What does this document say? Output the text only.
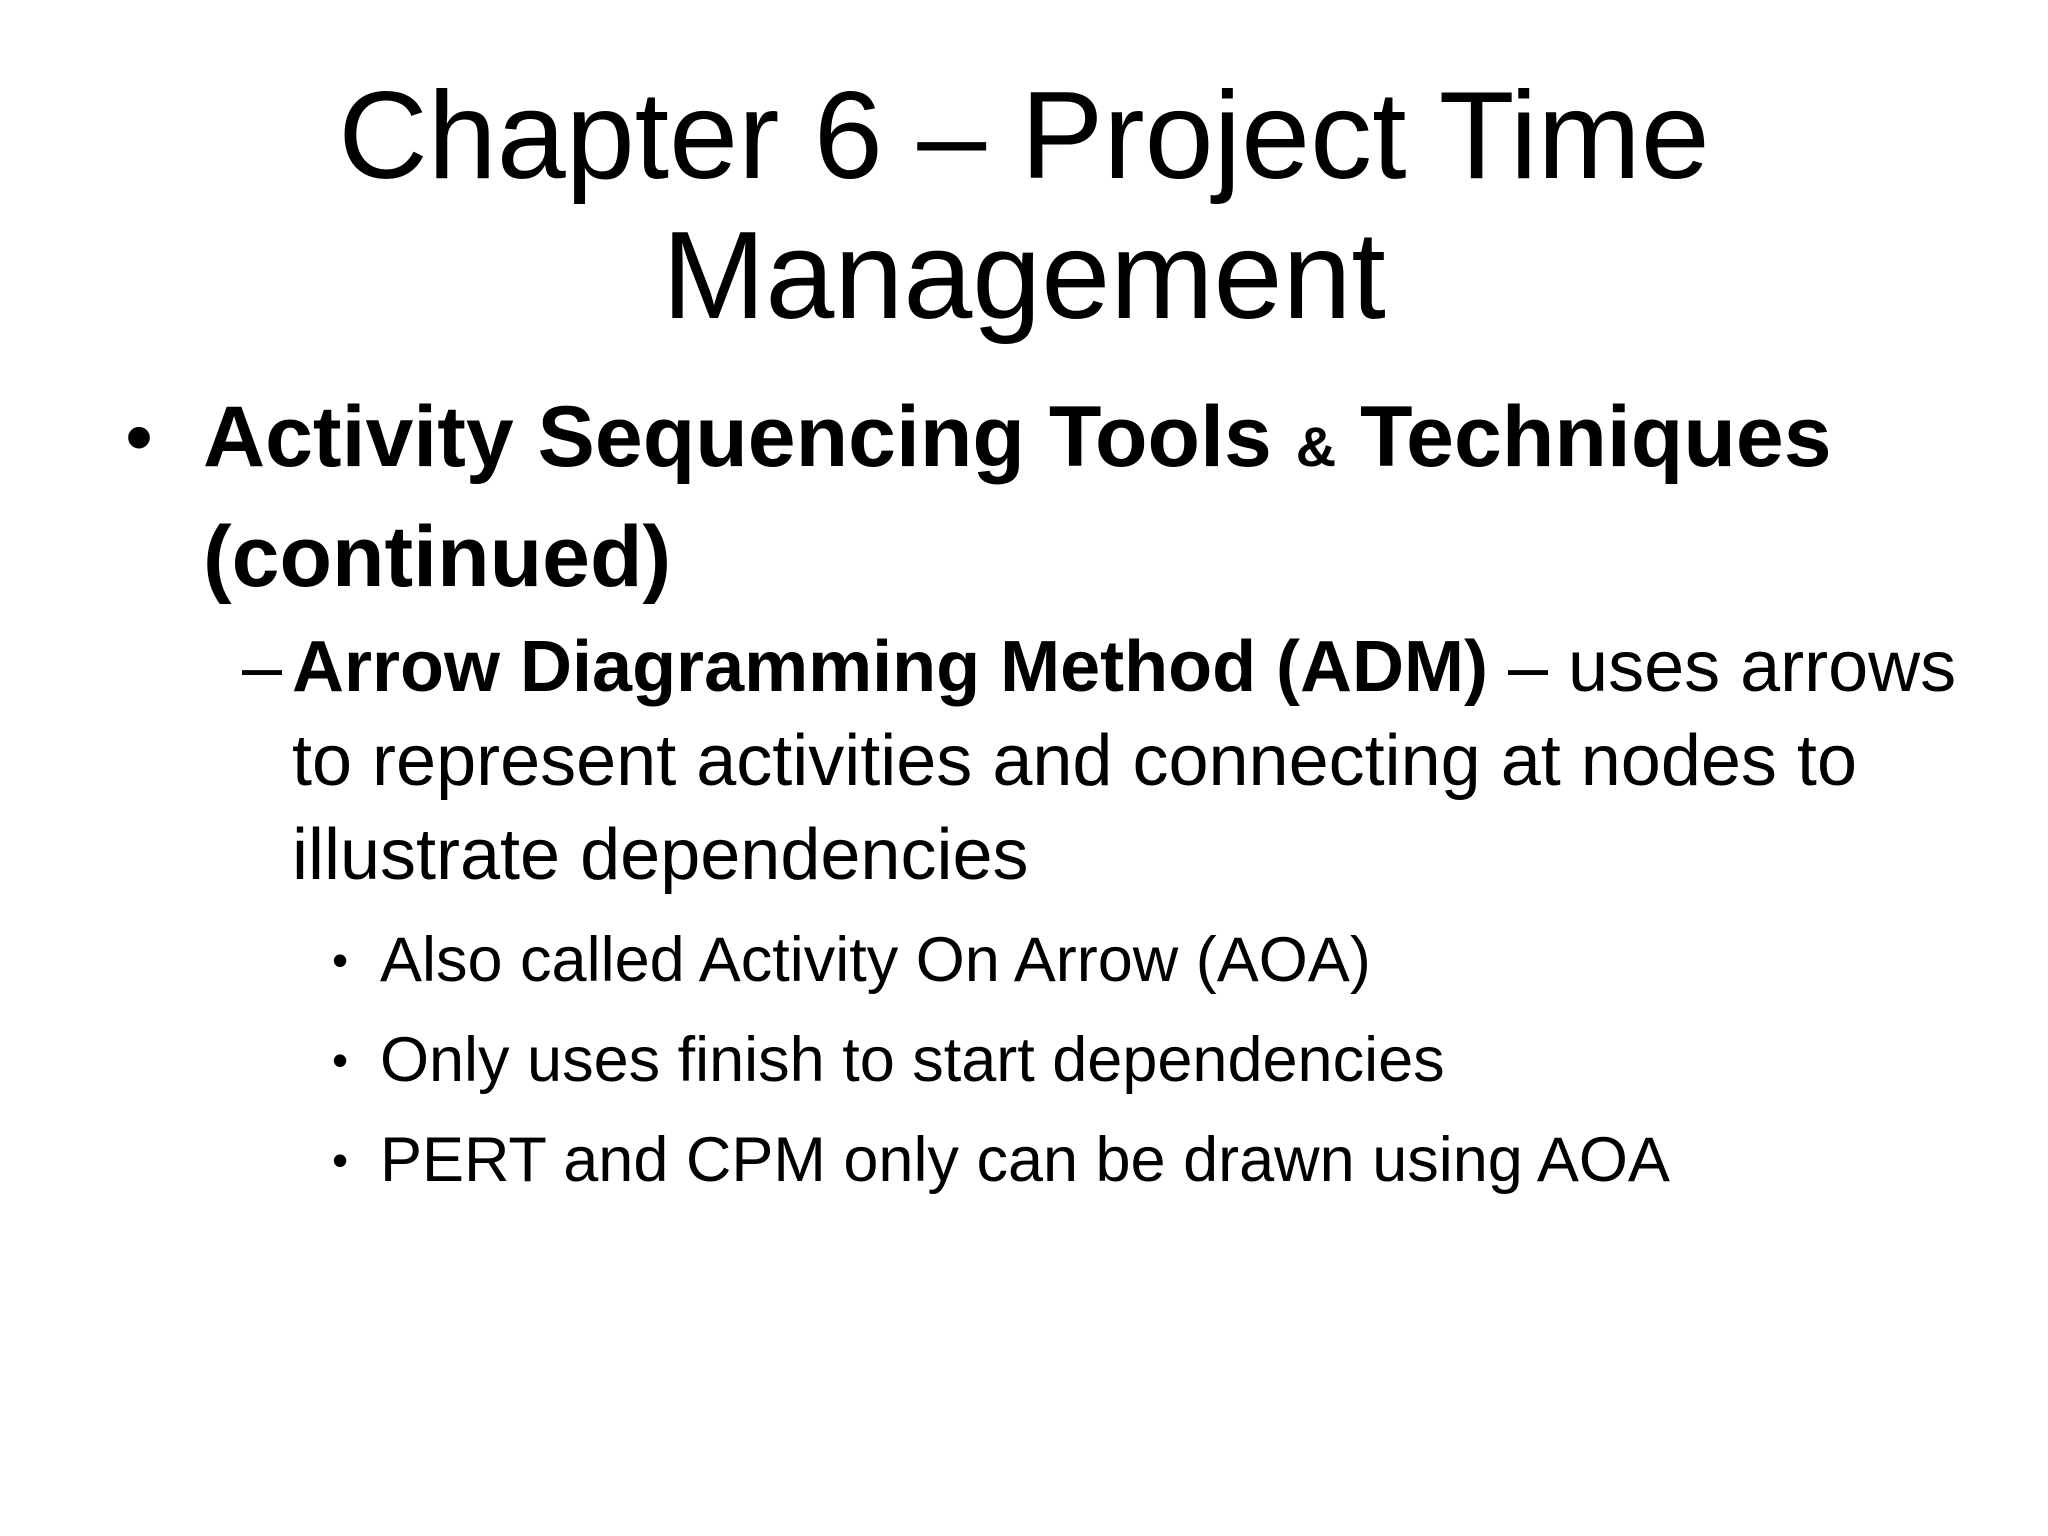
Chapter 6 – Project Time
Management
• Activity Sequencing Tools & Techniques (continued)
– Arrow Diagramming Method (ADM) – uses arrows to represent activities and connecting at nodes to illustrate dependencies
• Also called Activity On Arrow (AOA)
• Only uses finish to start dependencies
• PERT and CPM only can be drawn using AOA
